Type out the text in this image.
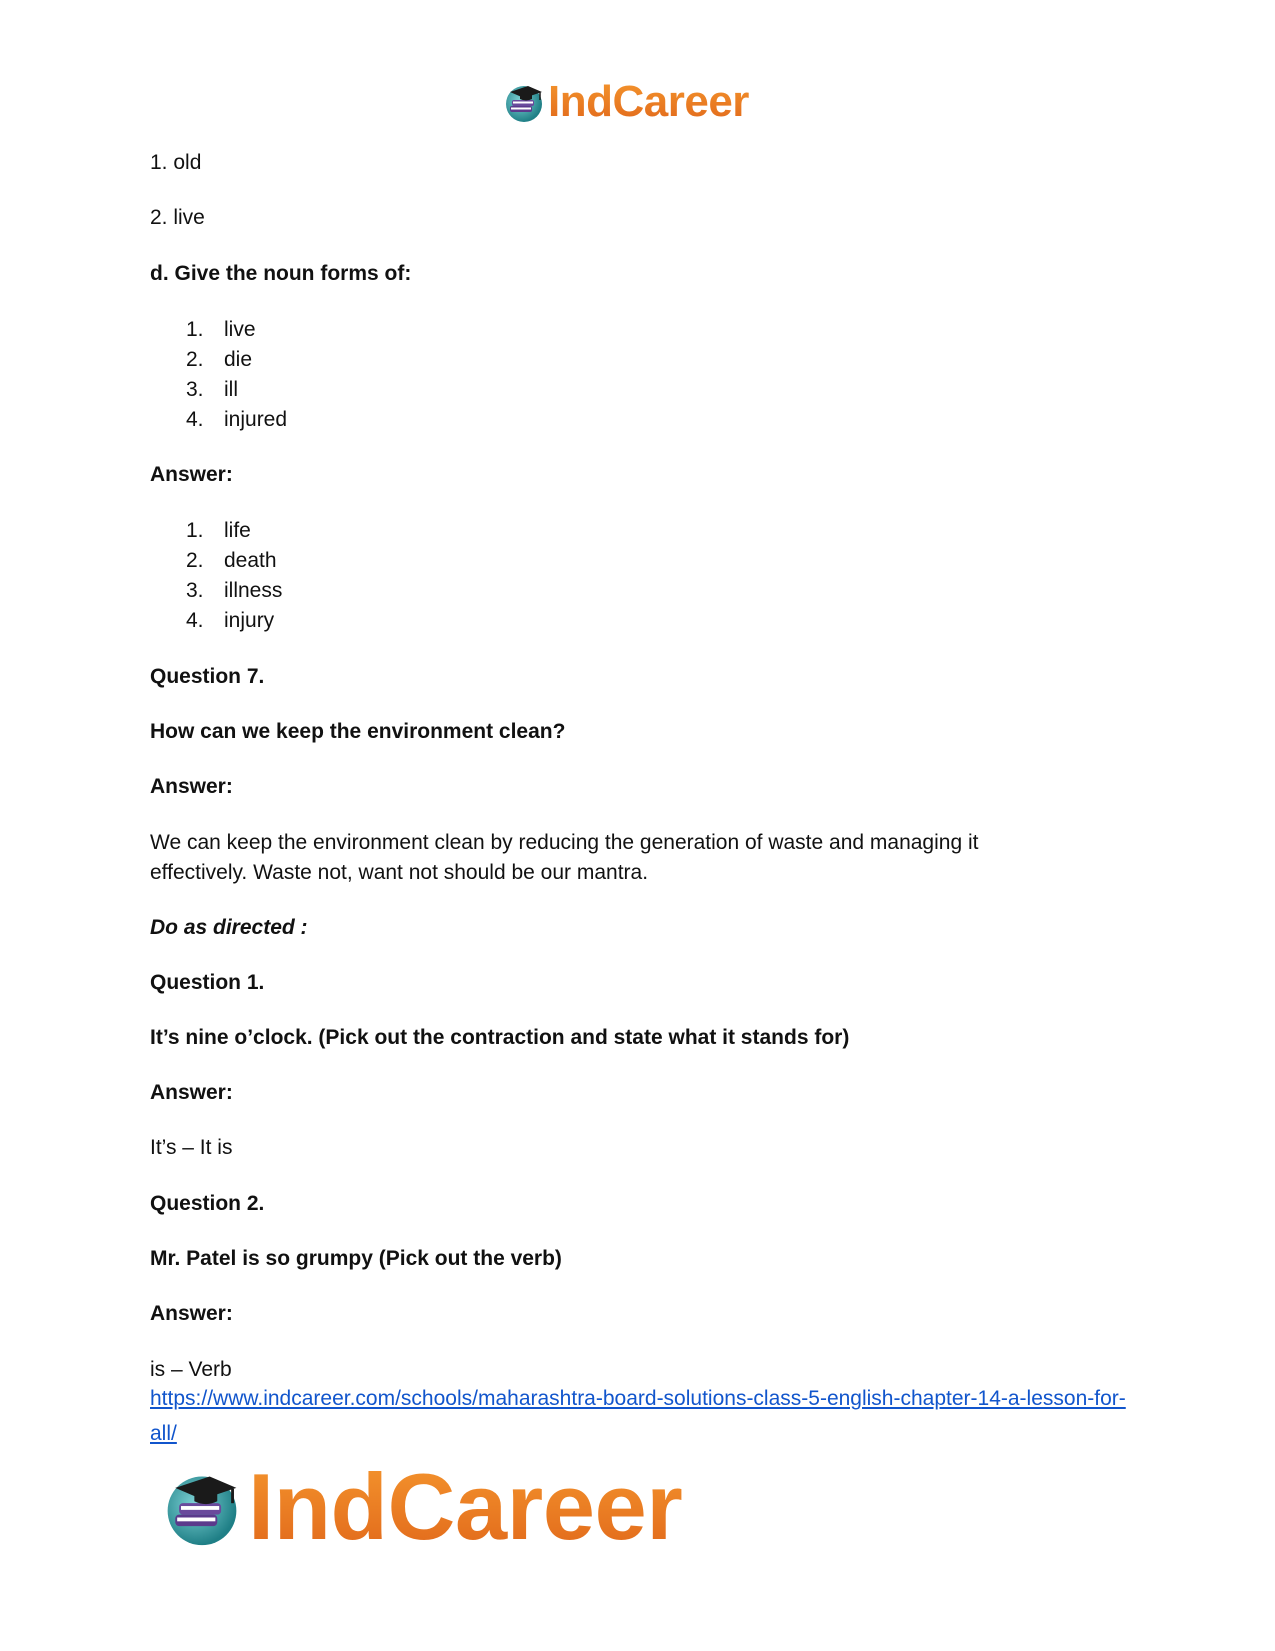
IndCareer
1. old
2. live
d. Give the noun forms of:
1. live
2. die
3. ill
4. injured
Answer:
1. life
2. death
3. illness
4. injury
Question 7.
How can we keep the environment clean?
Answer:
We can keep the environment clean by reducing the generation of waste and managing it effectively. Waste not, want not should be our mantra.
Do as directed :
Question 1.
It’s nine o’clock. (Pick out the contraction and state what it stands for)
Answer:
It’s – It is
Question 2.
Mr. Patel is so grumpy (Pick out the verb)
Answer:
is – Verb
https://www.indcareer.com/schools/maharashtra-board-solutions-class-5-english-chapter-14-a-lesson-for-all/
IndCareer
